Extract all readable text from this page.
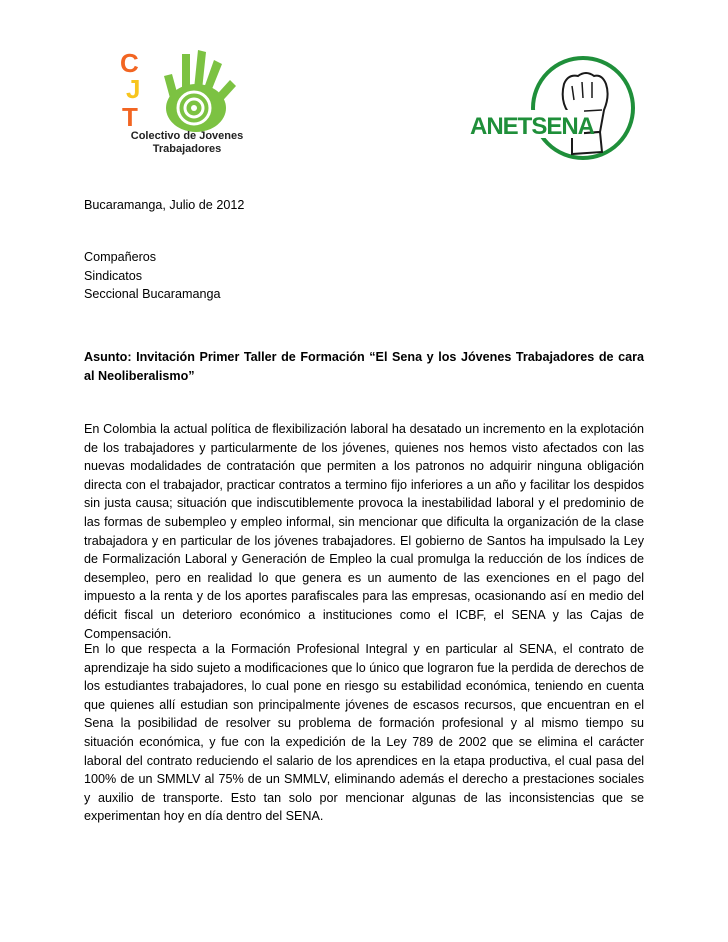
C
J
T
Colectivo de Jovenes
Trabajadores
ANETSENA
Bucaramanga, Julio de 2012
Compañeros
Sindicatos
Seccional Bucaramanga
Asunto: Invitación Primer Taller de Formación “El Sena y los Jóvenes Trabajadores de cara al Neoliberalismo”
En Colombia la actual política de flexibilización laboral ha desatado un incremento en la explotación de los trabajadores y particularmente de los jóvenes, quienes nos hemos visto afectados con las nuevas modalidades de contratación que permiten a los patronos no adquirir ninguna obligación directa con el trabajador, practicar contratos a termino fijo inferiores a un año y facilitar los despidos sin justa causa; situación que indiscutiblemente provoca la inestabilidad laboral y el predominio de las formas de subempleo y empleo informal, sin mencionar que dificulta la organización de la clase trabajadora y en particular de los jóvenes trabajadores. El gobierno de Santos ha impulsado la Ley de Formalización Laboral y Generación de Empleo la cual promulga la reducción de los índices de desempleo, pero en realidad lo que genera es un aumento de las exenciones en el pago del impuesto a la renta y de los aportes parafiscales para las empresas, ocasionando así en medio del déficit fiscal un deterioro económico a instituciones como el ICBF, el SENA y las Cajas de Compensación.
En lo que respecta a la Formación Profesional Integral y en particular al SENA, el contrato de aprendizaje ha sido sujeto a modificaciones que lo único que lograron fue la perdida de derechos de los estudiantes trabajadores, lo cual pone en riesgo su estabilidad económica, teniendo en cuenta que quienes allí estudian son principalmente jóvenes de escasos recursos, que encuentran en el Sena la posibilidad de resolver su problema de formación profesional y al mismo tiempo su situación económica, y fue con la expedición de la Ley 789 de 2002 que se elimina el carácter laboral del contrato reduciendo el salario de los aprendices en la etapa productiva, el cual pasa del 100% de un SMMLV al 75% de un SMMLV, eliminando además el derecho a prestaciones sociales y auxilio de transporte. Esto tan solo por mencionar algunas de las inconsistencias que se experimentan hoy en día dentro del SENA.
